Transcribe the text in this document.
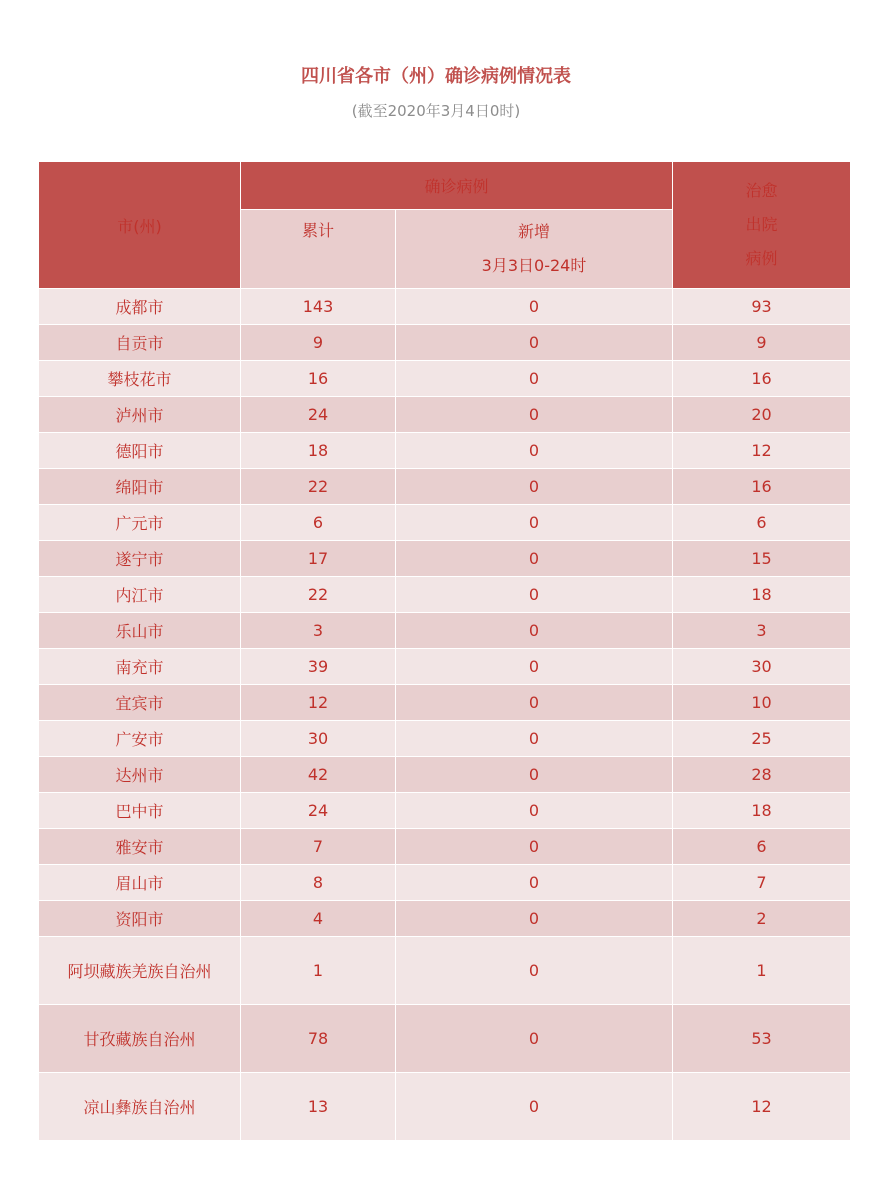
四川省各市（州）确诊病例情况表
(截至2020年3月4日0时)
市(州)	确诊病例		治愈
出院
病例

	累计	新增
3月3日0-24时	

成都市	143	0	93
自贡市	9	0	9
攀枝花市	16	0	16
泸州市	24	0	20
德阳市	18	0	12
绵阳市	22	0	16
广元市	6	0	6
遂宁市	17	0	15
内江市	22	0	18
乐山市	3	0	3
南充市	39	0	30
宜宾市	12	0	10
广安市	30	0	25
达州市	42	0	28
巴中市	24	0	18
雅安市	7	0	6
眉山市	8	0	7
资阳市	4	0	2
阿坝藏族羌族自治州	1	0	1
甘孜藏族自治州	78	0	53
凉山彝族自治州	13	0	12
